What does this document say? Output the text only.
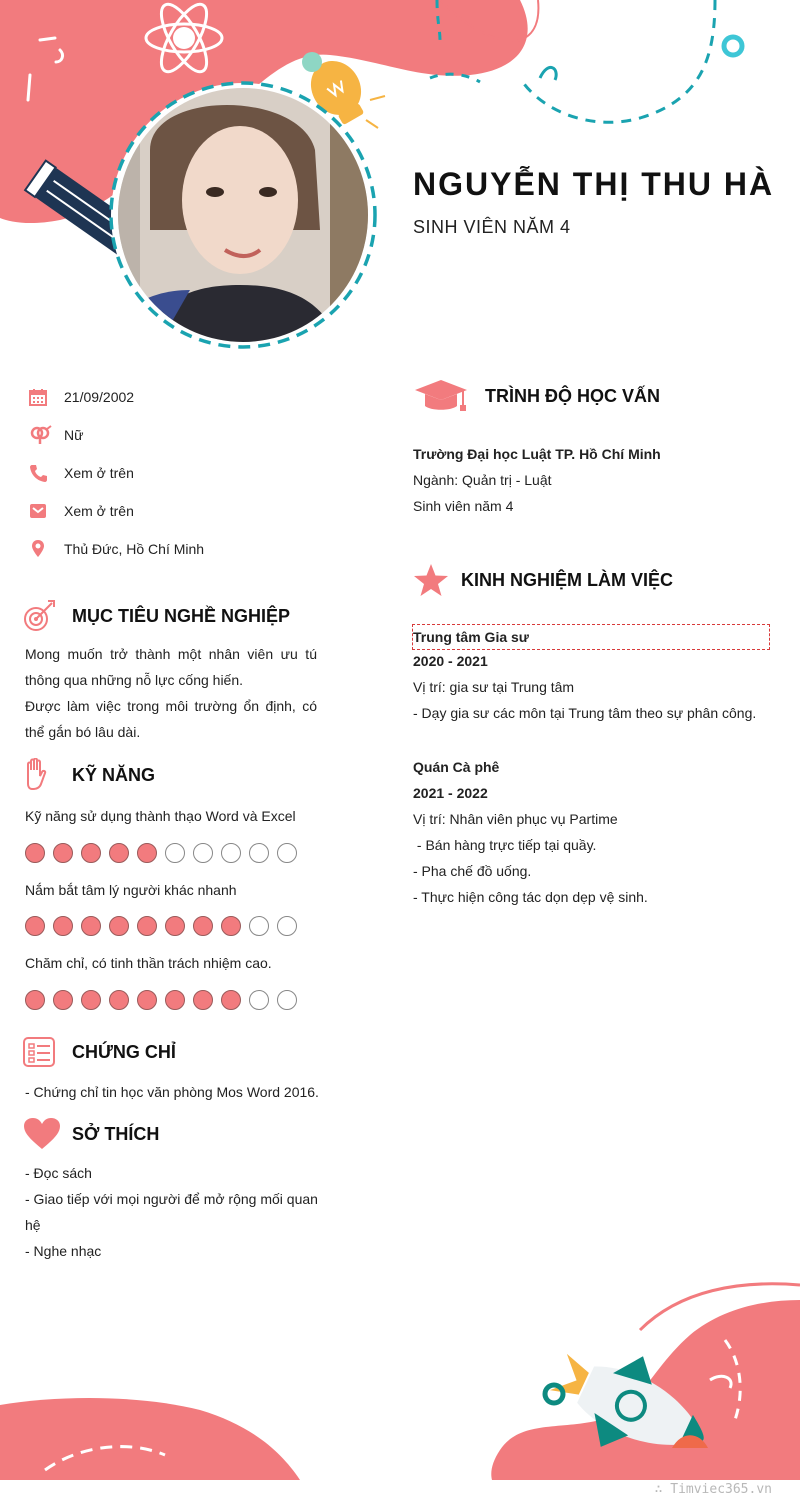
NGUYỄN THỊ THU HÀ
SINH VIÊN NĂM 4
21/09/2002
Nữ
Xem ở trên
Xem ở trên
Thủ Đức, Hồ Chí Minh
MỤC TIÊU NGHỀ NGHIỆP

Mong muốn trở thành một nhân viên ưu tú thông qua những nỗ lực cống hiến.

Được làm việc trong môi trường ổn định, có thể gắn bó lâu dài.

KỸ NĂNG
Kỹ năng sử dụng thành thạo Word và Excel
Nắm bắt tâm lý người khác nhanh
Chăm chỉ, có tinh thần trách nhiệm cao.
CHỨNG CHỈ
- Chứng chỉ tin học văn phòng Mos Word 2016.
SỞ THÍCH

- Đọc sách

- Giao tiếp với mọi người để mở rộng mối quan hệ

- Nghe nhạc

TRÌNH ĐỘ HỌC VẤN

Trường Đại học Luật TP. Hồ Chí Minh

Ngành: Quản trị - Luật

Sinh viên năm 4

KINH NGHIỆM LÀM VIỆC
Trung tâm Gia sư

2020 - 2021

Vị trí: gia sư tại Trung tâm

- Dạy gia sư các môn tại Trung tâm theo sự phân công.

Quán Cà phê

2021 - 2022

Vị trí: Nhân viên phục vụ Partime

- Bán hàng trực tiếp tại quầy.

- Pha chế đồ uống.

- Thực hiện công tác dọn dẹp vệ sinh.

∴ Timviec365.vn
